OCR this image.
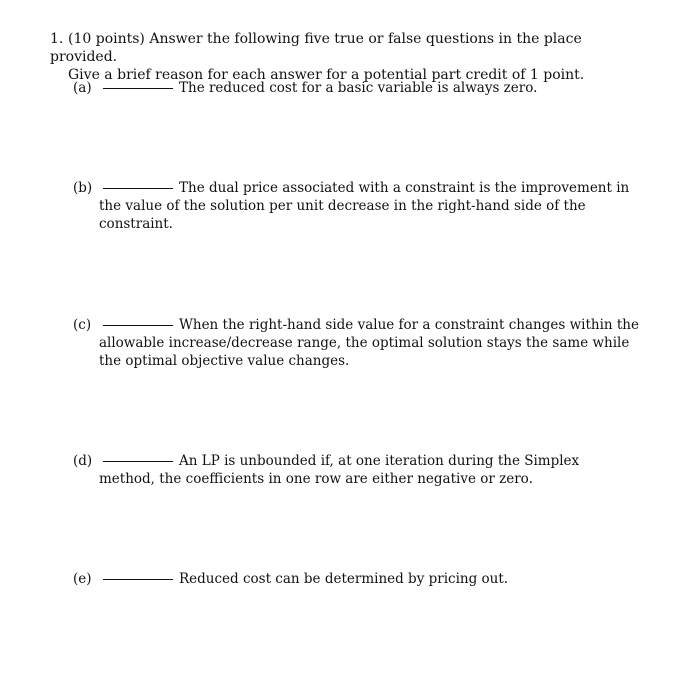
1. (10 points) Answer the following five true or false questions in the place provided.
Give a brief reason for each answer for a potential part credit of 1 point.
(a)	The reduced cost for a basic variable is always zero.
(b)	The dual price associated with a constraint is the improvement in
the value of the solution per unit decrease in the right-hand side of the
constraint.
(c)	When the right-hand side value for a constraint changes within the
allowable increase/decrease range, the optimal solution stays the same while
the optimal objective value changes.
(d)	An LP is unbounded if, at one iteration during the Simplex
method, the coefficients in one row are either negative or zero.
(e)	Reduced cost can be determined by pricing out.
